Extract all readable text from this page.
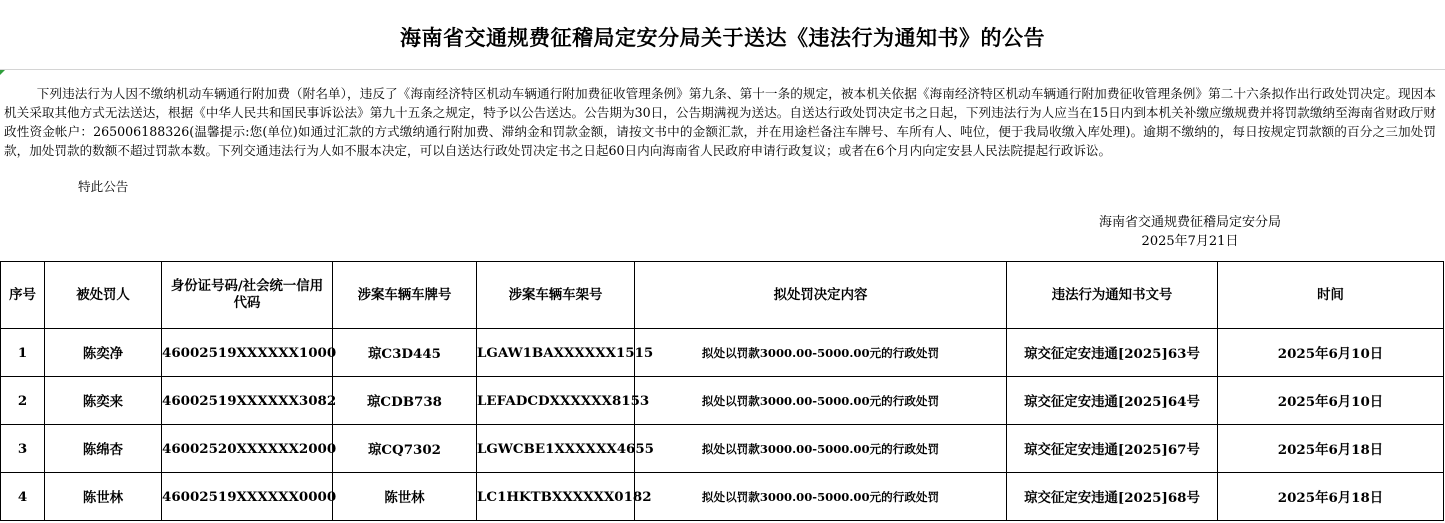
海南省交通规费征稽局定安分局关于送达《违法行为通知书》的公告
下列违法行为人因不缴纳机动车辆通行附加费（附名单），违反了《海南经济特区机动车辆通行附加费征收管理条例》第九条、第十一条的规定，被本机关依据《海南经济特区机动车辆通行附加费征收管理条例》第二十六条拟作出行政处罚决定。现因本机关采取其他方式无法送达，根据《中华人民共和国民事诉讼法》第九十五条之规定，特予以公告送达。公告期为30日，公告期满视为送达。自送达行政处罚决定书之日起，下列违法行为人应当在15日内到本机关补缴应缴规费并将罚款缴纳至海南省财政厅财政性资金帐户：265006188326(温馨提示:您(单位)如通过汇款的方式缴纳通行附加费、滞纳金和罚款金额，请按文书中的金额汇款，并在用途栏备注车牌号、车所有人、吨位，便于我局收缴入库处理)。逾期不缴纳的，每日按规定罚款额的百分之三加处罚款，加处罚款的数额不超过罚款本数。下列交通违法行为人如不服本决定，可以自送达行政处罚决定书之日起60日内向海南省人民政府申请行政复议；或者在6个月内向定安县人民法院提起行政诉讼。
特此公告
海南省交通规费征稽局定安分局
2025年7月21日
序号	被处罚人	身份证号码/社会统一信用代码	涉案车辆车牌号	涉案车辆车架号	拟处罚决定内容	违法行为通知书文号	时间
1	陈奕净	46002519XXXXXX1000	琼C3D445	LGAW1BAXXXXXX1515	拟处以罚款3000.00-5000.00元的行政处罚	琼交征定安违通[2025]63号	2025年6月10日
2	陈奕来	46002519XXXXXX3082	琼CDB738	LEFADCDXXXXXX8153	拟处以罚款3000.00-5000.00元的行政处罚	琼交征定安违通[2025]64号	2025年6月10日
3	陈绵杏	46002520XXXXXX2000	琼CQ7302	LGWCBE1XXXXXX4655	拟处以罚款3000.00-5000.00元的行政处罚	琼交征定安违通[2025]67号	2025年6月18日
4	陈世林	46002519XXXXXX0000	陈世林	LC1HKTBXXXXXX0182	拟处以罚款3000.00-5000.00元的行政处罚	琼交征定安违通[2025]68号	2025年6月18日
